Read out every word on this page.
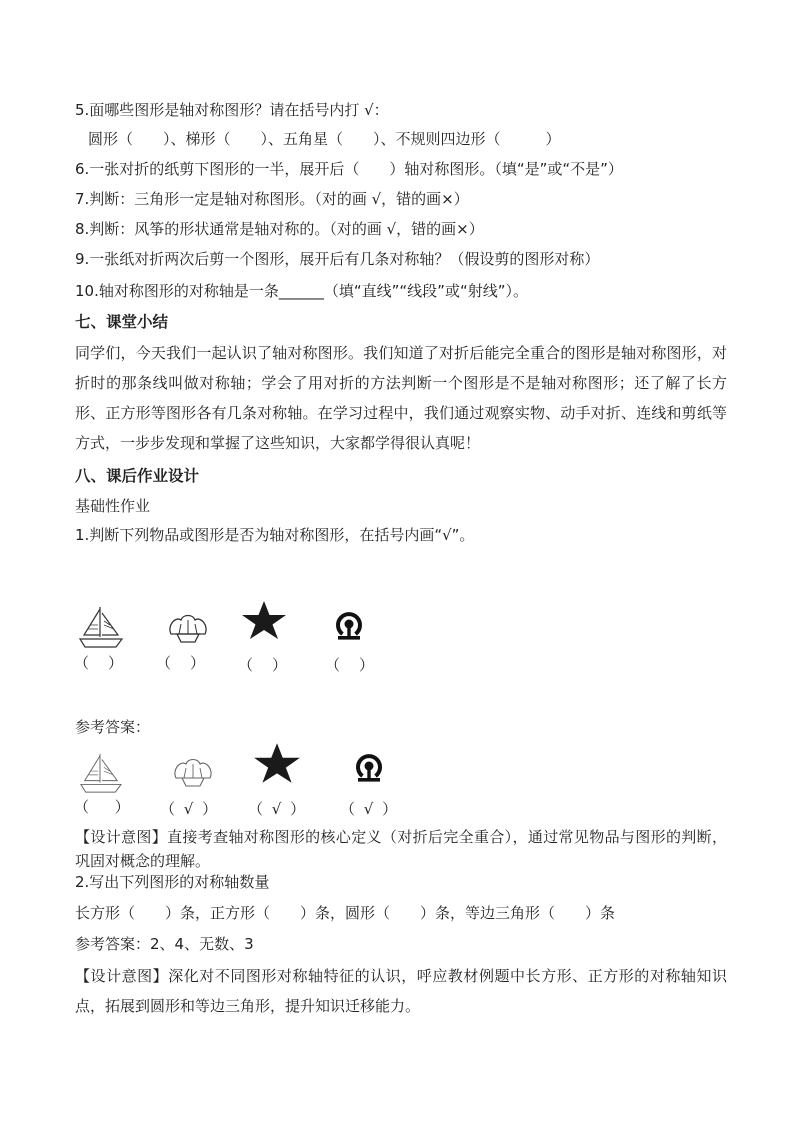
5.面哪些图形是轴对称图形？请在括号内打 √：
圆形（　　）、梯形（　　）、五角星（　　）、不规则四边形（　　　）
6.一张对折的纸剪下图形的一半，展开后（　　）轴对称图形。（填“是”或“不是”）
7.判断：三角形一定是轴对称图形。（对的画 √，错的画×）
8.判断：风筝的形状通常是轴对称的。（对的画 √，错的画×）
9.一张纸对折两次后剪一个图形，展开后有几条对称轴？（假设剪的图形对称）
10.轴对称图形的对称轴是一条______（填“直线”“线段”或“射线”）。
七、课堂小结
同学们，今天我们一起认识了轴对称图形。我们知道了对折后能完全重合的图形是轴对称图形，对折时的那条线叫做对称轴；学会了用对折的方法判断一个图形是不是轴对称图形；还了解了长方形、正方形等图形各有几条对称轴。在学习过程中，我们通过观察实物、动手对折、连线和剪纸等方式，一步步发现和掌握了这些知识，大家都学得很认真呢！
八、课后作业设计
基础性作业
1.判断下列物品或图形是否为轴对称图形，在括号内画“√”。
（　） （　） （　） （　）
参考答案：
（　 ） （ √ ） （ √ ） （ √ ）
【设计意图】直接考查轴对称图形的核心定义（对折后完全重合），通过常见物品与图形的判断，巩固对概念的理解。
2.写出下列图形的对称轴数量
长方形（　　）条，正方形（　　）条，圆形（　　）条，等边三角形（　　）条
参考答案：2、4、无数、3
【设计意图】深化对不同图形对称轴特征的认识，呼应教材例题中长方形、正方形的对称轴知识点，拓展到圆形和等边三角形，提升知识迁移能力。
